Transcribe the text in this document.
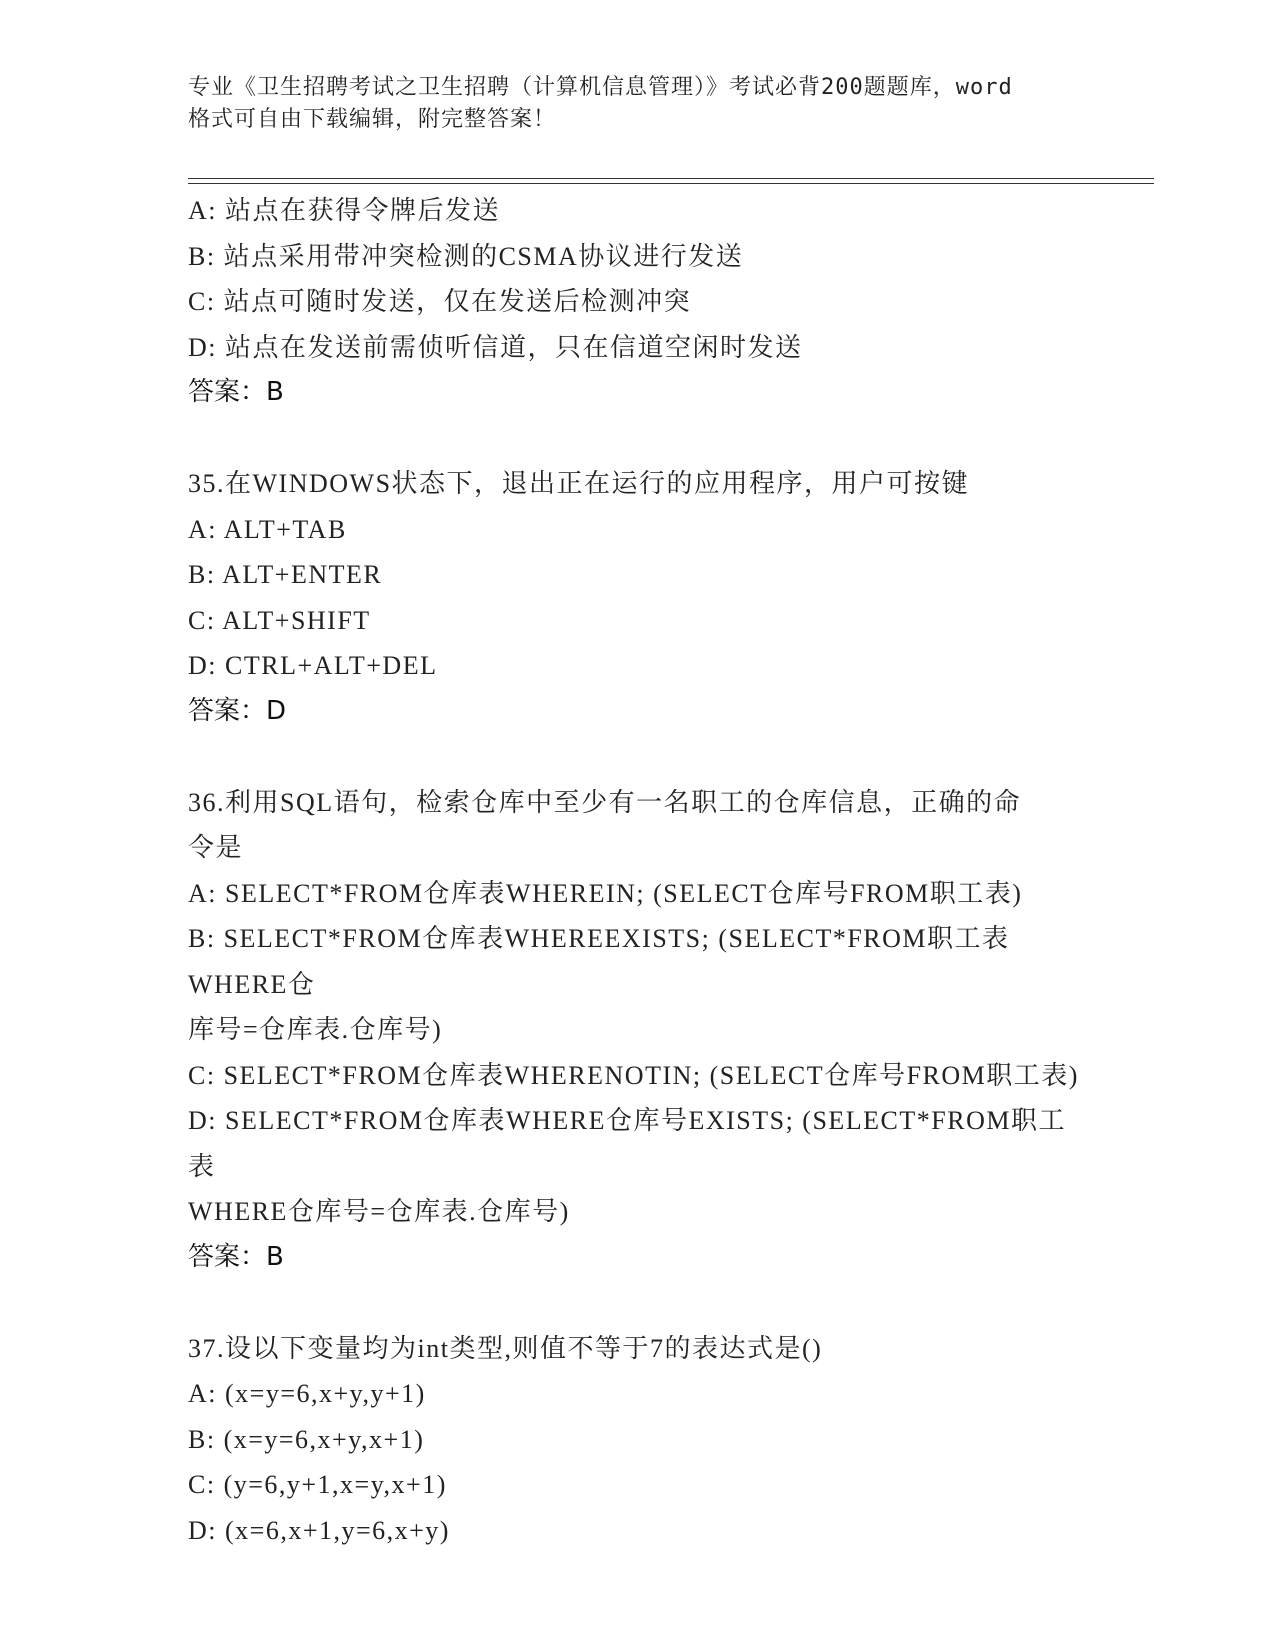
专业《卫生招聘考试之卫生招聘（计算机信息管理）》考试必背200题题库，word
格式可自由下载编辑，附完整答案！
A: 站点在获得令牌后发送
B: 站点采用带冲突检测的CSMA协议进行发送
C: 站点可随时发送，仅在发送后检测冲突
D: 站点在发送前需侦听信道，只在信道空闲时发送
答案：B
35.在WINDOWS状态下，退出正在运行的应用程序，用户可按键
A: ALT+TAB
B: ALT+ENTER
C: ALT+SHIFT
D: CTRL+ALT+DEL
答案：D
36.利用SQL语句，检索仓库中至少有一名职工的仓库信息，正确的命
令是
A: SELECT*FROM仓库表WHEREIN; (SELECT仓库号FROM职工表)
B: SELECT*FROM仓库表WHEREEXISTS; (SELECT*FROM职工表WHERE仓
库号=仓库表.仓库号)
C: SELECT*FROM仓库表WHERENOTIN; (SELECT仓库号FROM职工表)
D: SELECT*FROM仓库表WHERE仓库号EXISTS; (SELECT*FROM职工表
WHERE仓库号=仓库表.仓库号)
答案：B
37.设以下变量均为int类型,则值不等于7的表达式是()
A: (x=y=6,x+y,y+1)
B: (x=y=6,x+y,x+1)
C: (y=6,y+1,x=y,x+1)
D: (x=6,x+1,y=6,x+y)
